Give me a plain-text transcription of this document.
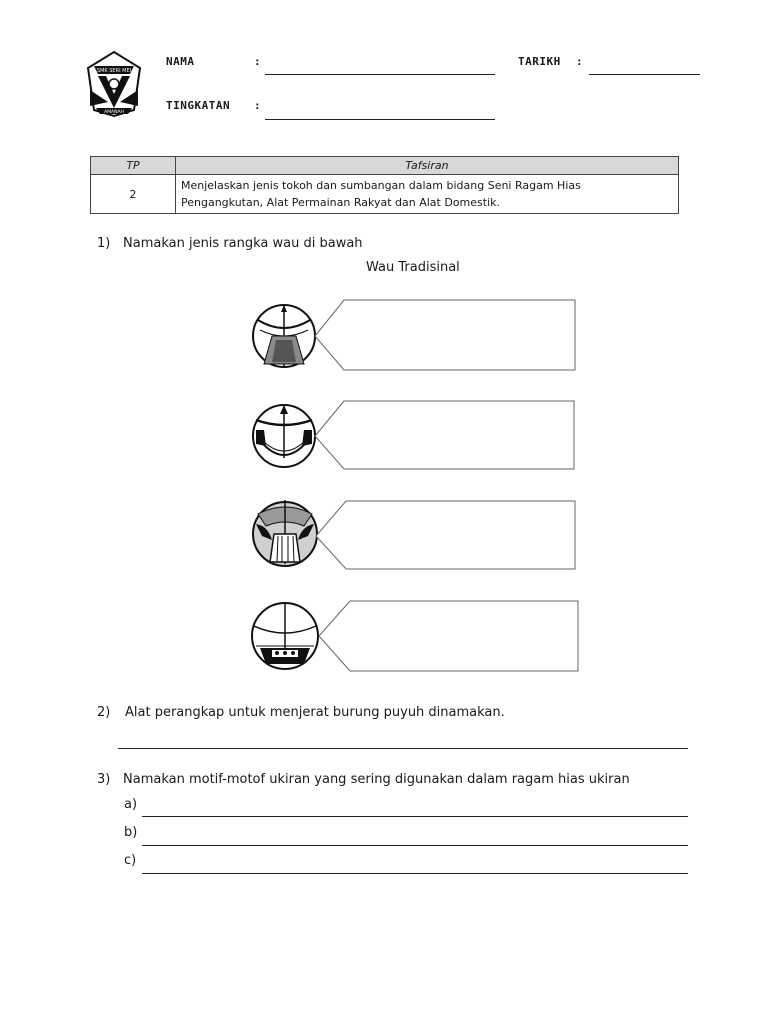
SMK SERI MEI
AMANAH
NAMA	:	TARIKH :
TINGKATAN :
TP	Tafsiran
2	Menjelaskan jenis tokoh dan sumbangan dalam bidang Seni Ragam Hias
Pengangkutan, Alat Permainan Rakyat dan Alat Domestik.
1) Namakan jenis rangka wau di bawah
Wau Tradisinal
2) Alat perangkap untuk menjerat burung puyuh dinamakan.
3) Namakan motif-motof ukiran yang sering digunakan dalam ragam hias ukiran
a)
b)
c)
